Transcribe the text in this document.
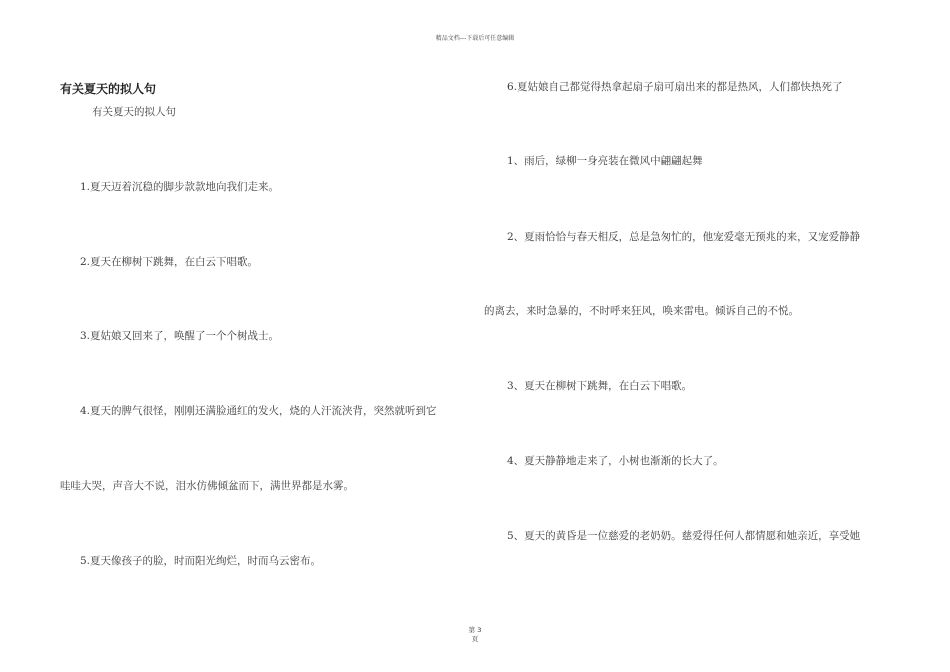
精品文档---下载后可任意编辑
有关夏天的拟人句
有关夏天的拟人句
1.夏天迈着沉稳的脚步款款地向我们走来。
2.夏天在柳树下跳舞，在白云下唱歌。
3.夏姑娘又回来了，唤醒了一个个树战士。
4.夏天的脾气很怪，刚刚还满脸通红的发火，烧的人汗流浃背，突然就听到它
哇哇大哭，声音大不说，泪水仿佛倾盆而下，满世界都是水雾。
5.夏天像孩子的脸，时而阳光绚烂，时而乌云密布。
6.夏姑娘自己都觉得热拿起扇子扇可扇出来的都是热风，人们都快热死了
1、雨后，绿柳一身亮装在微风中翩翩起舞
2、夏雨恰恰与春天相反，总是急匆忙的，他宠爱毫无预兆的来，又宠爱静静
的离去，来时急暴的，不时呼来狂风，唤来雷电。倾诉自己的不悦。
3、夏天在柳树下跳舞，在白云下唱歌。
4、夏天静静地走来了，小树也渐渐的长大了。
5、夏天的黄昏是一位慈爱的老奶奶。慈爱得任何人都情愿和她亲近，享受她
第 3
页
